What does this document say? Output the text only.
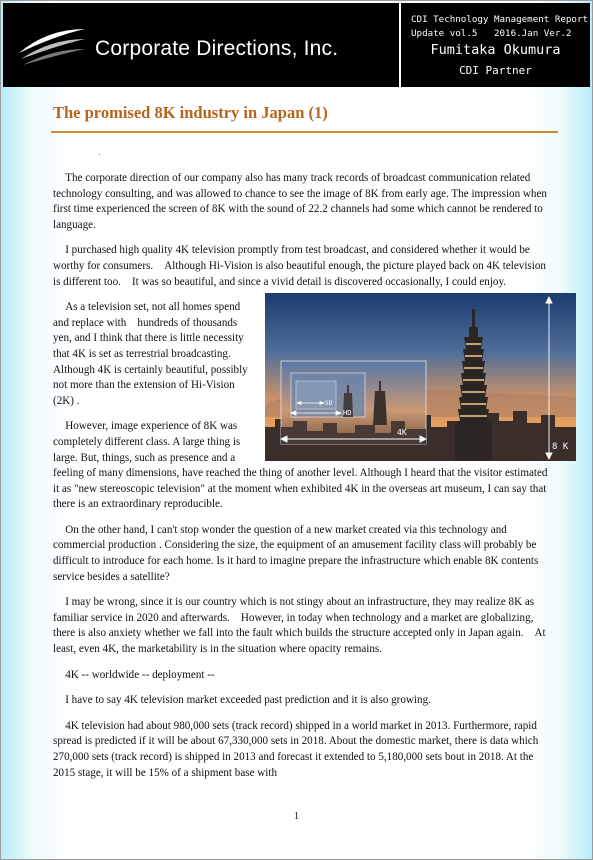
Corporate Directions, Inc.
CDI Technology Management Report
Update vol.5   2016.Jan Ver.2
Fumitaka Okumura
CDI Partner
The promised 8K industry in Japan (1)

The corporate direction of our company also has many track records of broadcast communication related technology consulting, and was allowed to chance to see the image of 8K from early age. The impression when first time experienced the screen of 8K with the sound of 22.2 channels had some which cannot be rendered to language.

I purchased high quality 4K television promptly from test broadcast, and considered whether it would be worthy for consumers.    Although Hi-Vision is also beautiful enough, the picture played back on 4K television is different too.    It was so beautiful, and since a vivid detail is discovered occasionally, I could enjoy.

8 K
4K
HD
SD

As a television set, not all homes spend and replace with    hundreds of thousands yen, and I think that there is little necessity that 4K is set as terrestrial broadcasting. Although 4K is certainly beautiful, possibly not more than the extension of Hi-Vision (2K) .

However, image experience of 8K was completely different class. A large thing is large. But, things, such as presence and a feeling of many dimensions, have reached the thing of another level. Although I heard that the visitor estimated it as "new stereoscopic television" at the moment when exhibited 4K in the overseas art museum, I can say that there is an extraordinary reproducible.

On the other hand, I can't stop wonder the question of a new market created via this technology and commercial production . Considering the size, the equipment of an amusement facility class will probably be difficult to introduce for each home. Is it hard to imagine prepare the infrastructure which enable 8K contents service besides a satellite?

I may be wrong, since it is our country which is not stingy about an infrastructure, they may realize 8K as familiar service in 2020 and afterwards.    However, in today when technology and a market are globalizing, there is also anxiety whether we fall into the fault which builds the structure accepted only in Japan again.    At least, even 4K, the marketability is in the situation where opacity remains.

4K -- worldwide -- deployment --

I have to say 4K television market exceeded past prediction and it is also growing.

4K television had about 980,000 sets (track record) shipped in a world market in 2013. Furthermore, rapid spread is predicted if it will be about 67,330,000 sets in 2018. About the domestic market, there is data which 270,000 sets (track record) is shipped in 2013 and forecast it extended to 5,180,000 sets bout in 2018. At the 2015 stage, it will be 15% of a shipment base with

1
